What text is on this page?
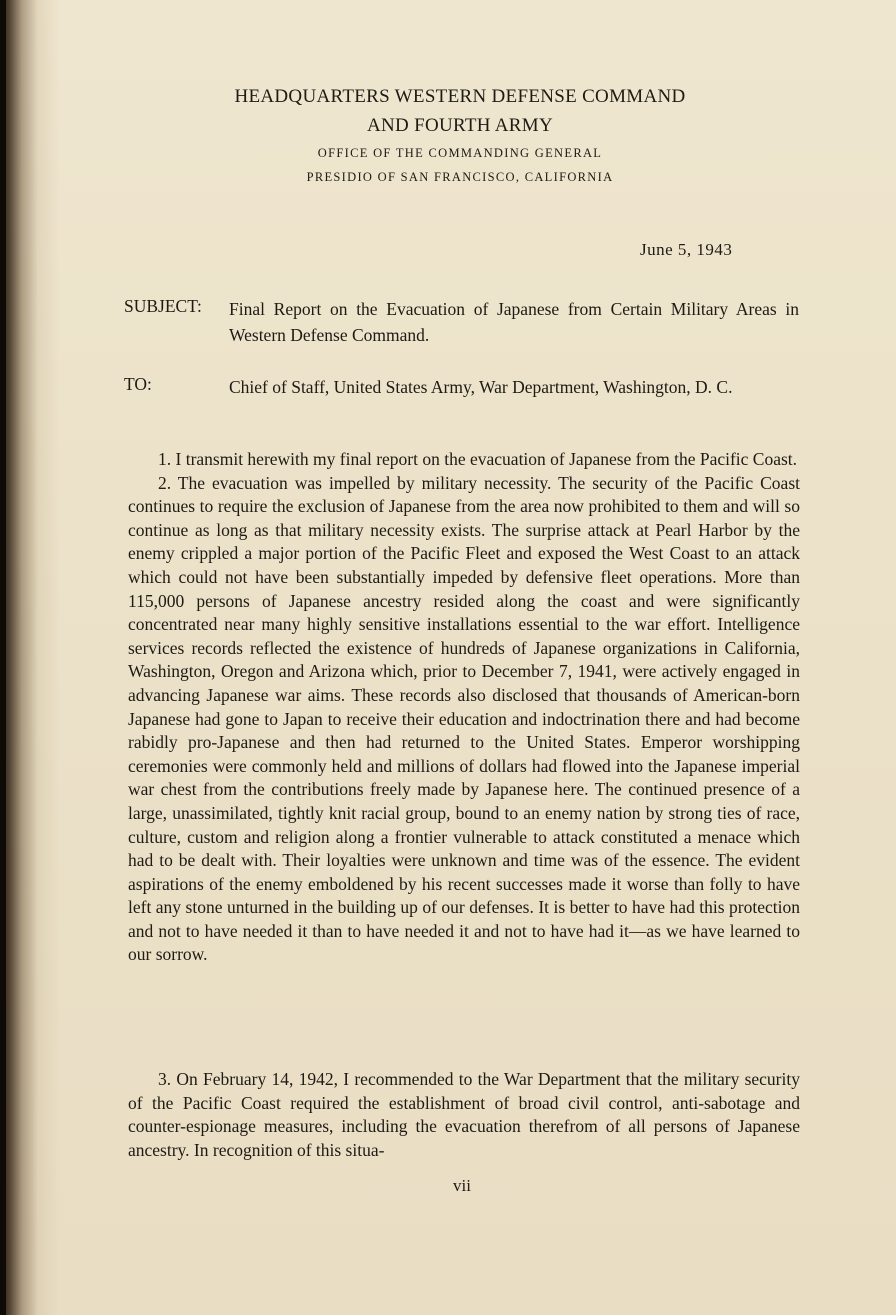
HEADQUARTERS WESTERN DEFENSE COMMAND
AND FOURTH ARMY
OFFICE OF THE COMMANDING GENERAL
PRESIDIO OF SAN FRANCISCO, CALIFORNIA
June 5, 1943
SUBJECT: Final Report on the Evacuation of Japanese from Certain Military Areas in Western Defense Command.
TO:	Chief of Staff, United States Army, War Department, Washington, D. C.

1. I transmit herewith my final report on the evacuation of Japanese from the Pacific Coast.

2. The evacuation was impelled by military necessity. The security of the Pacific Coast continues to require the exclusion of Japanese from the area now prohibited to them and will so continue as long as that military necessity exists. The surprise attack at Pearl Harbor by the enemy crippled a major portion of the Pacific Fleet and exposed the West Coast to an attack which could not have been substantially impeded by defensive fleet operations. More than 115,000 persons of Japanese ancestry resided along the coast and were significantly concentrated near many highly sensitive installations essential to the war effort. Intelligence services records reflected the existence of hundreds of Japanese organizations in California, Washington, Oregon and Arizona which, prior to December 7, 1941, were actively engaged in advancing Japanese war aims. These records also disclosed that thousands of American-born Japanese had gone to Japan to receive their education and indoctrination there and had become rabidly pro-Japanese and then had returned to the United States. Emperor worshipping ceremonies were commonly held and millions of dollars had flowed into the Japanese imperial war chest from the contributions freely made by Japanese here. The continued presence of a large, unassimilated, tightly knit racial group, bound to an enemy nation by strong ties of race, culture, custom and religion along a frontier vulnerable to attack constituted a menace which had to be dealt with. Their loyalties were unknown and time was of the essence. The evident aspirations of the enemy emboldened by his recent successes made it worse than folly to have left any stone unturned in the building up of our defenses. It is better to have had this protection and not to have needed it than to have needed it and not to have had it—as we have learned to our sorrow.

3. On February 14, 1942, I recommended to the War Department that the military security of the Pacific Coast required the establishment of broad civil control, anti-sabotage and counter-espionage measures, including the evacuation therefrom of all persons of Japanese ancestry. In recognition of this situa-

vii
